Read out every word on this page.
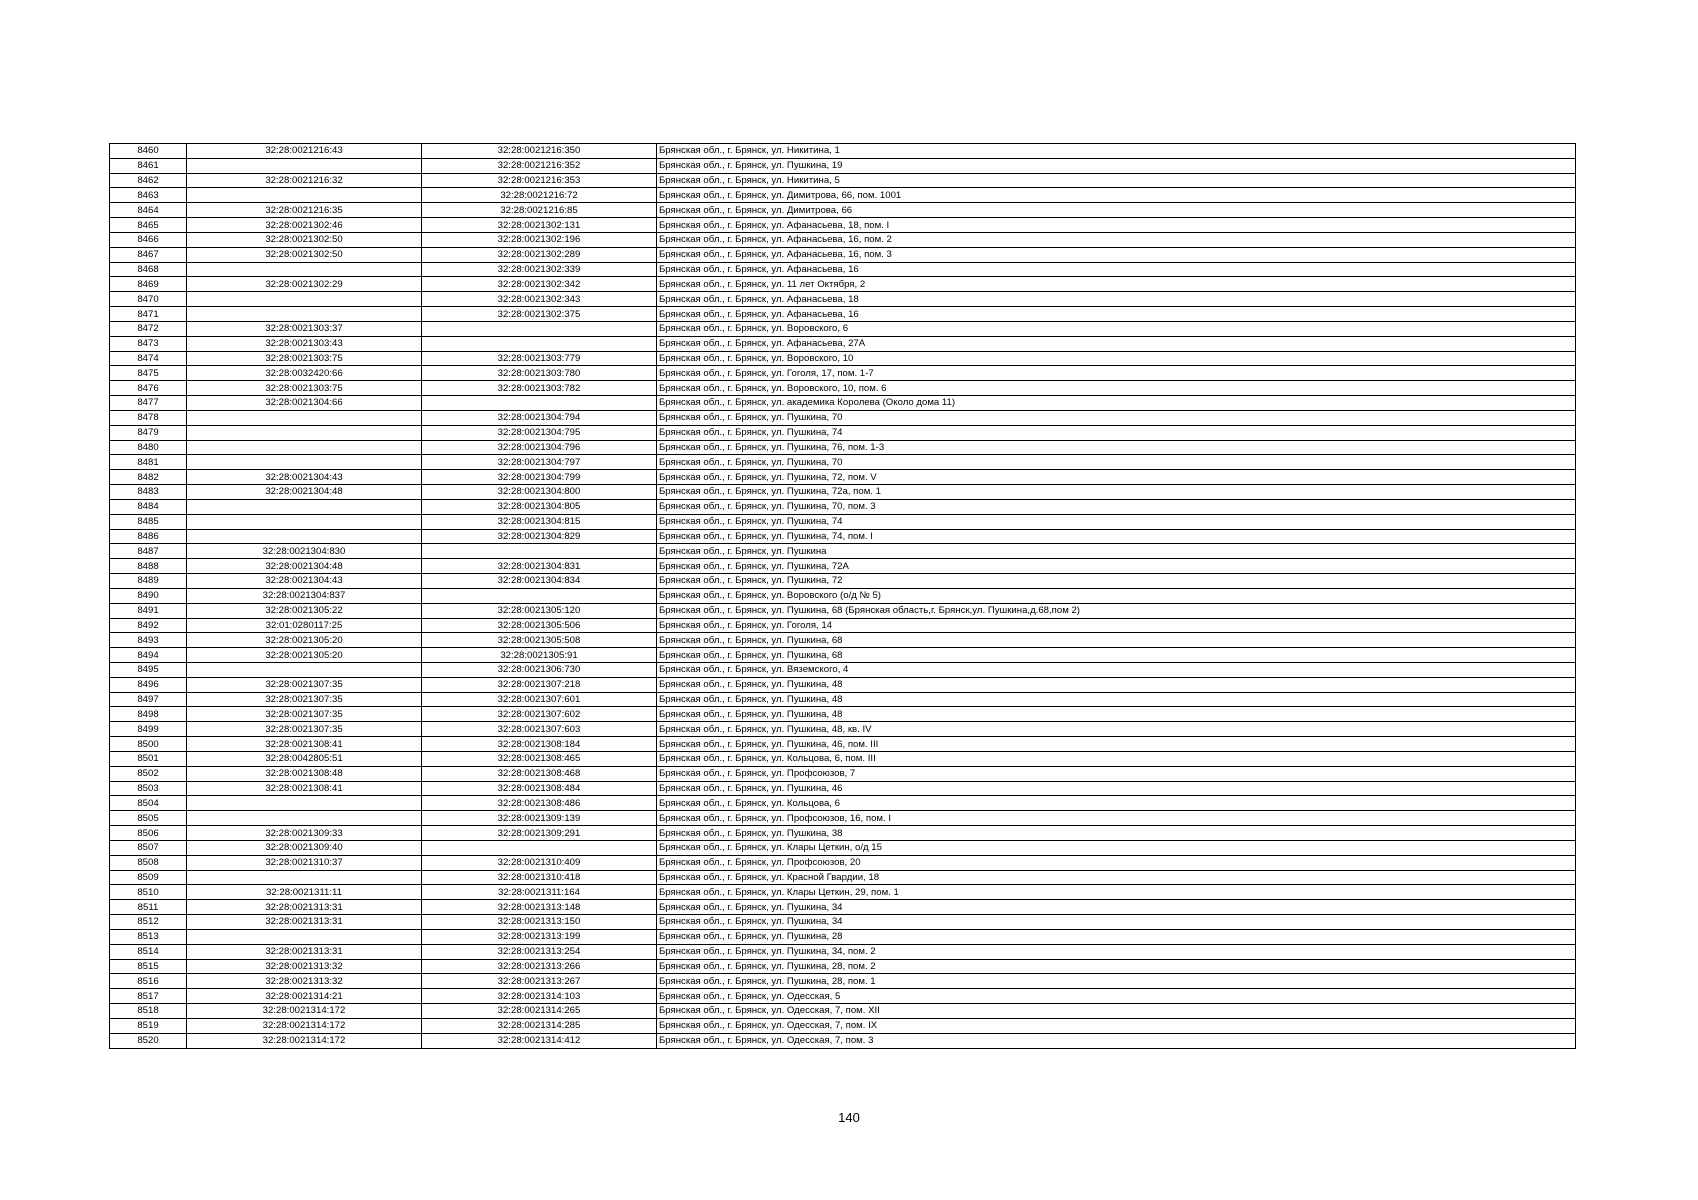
8460	32:28:0021216:43	32:28:0021216:350	Брянская обл., г. Брянск, ул. Никитина, 1
8461		32:28:0021216:352	Брянская обл., г. Брянск, ул. Пушкина, 19
8462	32:28:0021216:32	32:28:0021216:353	Брянская обл., г. Брянск, ул. Никитина, 5
8463		32:28:0021216:72	Брянская обл., г. Брянск, ул. Димитрова, 66, пом. 1001
8464	32:28:0021216:35	32:28:0021216:85	Брянская обл., г. Брянск, ул. Димитрова, 66
8465	32:28:0021302:46	32:28:0021302:131	Брянская обл., г. Брянск, ул. Афанасьева, 18, пом. I
8466	32:28:0021302:50	32:28:0021302:196	Брянская обл., г. Брянск, ул. Афанасьева, 16, пом. 2
8467	32:28:0021302:50	32:28:0021302:289	Брянская обл., г. Брянск, ул. Афанасьева, 16, пом. 3
8468		32:28:0021302:339	Брянская обл., г. Брянск, ул. Афанасьева, 16
8469	32:28:0021302:29	32:28:0021302:342	Брянская обл., г. Брянск, ул. 11 лет Октября, 2
8470		32:28:0021302:343	Брянская обл., г. Брянск, ул. Афанасьева, 18
8471		32:28:0021302:375	Брянская обл., г. Брянск, ул. Афанасьева, 16
8472	32:28:0021303:37		Брянская обл., г. Брянск, ул. Воровского, 6
8473	32:28:0021303:43		Брянская обл., г. Брянск, ул. Афанасьева, 27А
8474	32:28:0021303:75	32:28:0021303:779	Брянская обл., г. Брянск, ул. Воровского, 10
8475	32:28:0032420:66	32:28:0021303:780	Брянская обл., г. Брянск, ул. Гоголя, 17, пом. 1-7
8476	32:28:0021303:75	32:28:0021303:782	Брянская обл., г. Брянск, ул. Воровского, 10, пом. 6
8477	32:28:0021304:66		Брянская обл., г. Брянск, ул. академика Королева (Около дома 11)
8478		32:28:0021304:794	Брянская обл., г. Брянск, ул. Пушкина, 70
8479		32:28:0021304:795	Брянская обл., г. Брянск, ул. Пушкина, 74
8480		32:28:0021304:796	Брянская обл., г. Брянск, ул. Пушкина, 76, пом. 1-3
8481		32:28:0021304:797	Брянская обл., г. Брянск, ул. Пушкина, 70
8482	32:28:0021304:43	32:28:0021304:799	Брянская обл., г. Брянск, ул. Пушкина, 72, пом. V
8483	32:28:0021304:48	32:28:0021304:800	Брянская обл., г. Брянск, ул. Пушкина, 72а, пом. 1
8484		32:28:0021304:805	Брянская обл., г. Брянск, ул. Пушкина, 70, пом. 3
8485		32:28:0021304:815	Брянская обл., г. Брянск, ул. Пушкина, 74
8486		32:28:0021304:829	Брянская обл., г. Брянск, ул. Пушкина, 74, пом. I
8487	32:28:0021304:830		Брянская обл., г. Брянск, ул. Пушкина
8488	32:28:0021304:48	32:28:0021304:831	Брянская обл., г. Брянск, ул. Пушкина, 72А
8489	32:28:0021304:43	32:28:0021304:834	Брянская обл., г. Брянск, ул. Пушкина, 72
8490	32:28:0021304:837		Брянская обл., г. Брянск, ул. Воровского (о/д № 5)
8491	32:28:0021305:22	32:28:0021305:120	Брянская обл., г. Брянск, ул. Пушкина, 68 (Брянская область,г. Брянск,ул. Пушкина,д.68,пом 2)
8492	32:01:0280117:25	32:28:0021305:506	Брянская обл., г. Брянск, ул. Гоголя, 14
8493	32:28:0021305:20	32:28:0021305:508	Брянская обл., г. Брянск, ул. Пушкина, 68
8494	32:28:0021305:20	32:28:0021305:91	Брянская обл., г. Брянск, ул. Пушкина, 68
8495		32:28:0021306:730	Брянская обл., г. Брянск, ул. Вяземского, 4
8496	32:28:0021307:35	32:28:0021307:218	Брянская обл., г. Брянск, ул. Пушкина, 48
8497	32:28:0021307:35	32:28:0021307:601	Брянская обл., г. Брянск, ул. Пушкина, 48
8498	32:28:0021307:35	32:28:0021307:602	Брянская обл., г. Брянск, ул. Пушкина, 48
8499	32:28:0021307:35	32:28:0021307:603	Брянская обл., г. Брянск, ул. Пушкина, 48, кв. IV
8500	32:28:0021308:41	32:28:0021308:184	Брянская обл., г. Брянск, ул. Пушкина, 46, пом. III
8501	32:28:0042805:51	32:28:0021308:465	Брянская обл., г. Брянск, ул. Кольцова, 6, пом. III
8502	32:28:0021308:48	32:28:0021308:468	Брянская обл., г. Брянск, ул. Профсоюзов, 7
8503	32:28:0021308:41	32:28:0021308:484	Брянская обл., г. Брянск, ул. Пушкина, 46
8504		32:28:0021308:486	Брянская обл., г. Брянск, ул. Кольцова, 6
8505		32:28:0021309:139	Брянская обл., г. Брянск, ул. Профсоюзов, 16, пом. I
8506	32:28:0021309:33	32:28:0021309:291	Брянская обл., г. Брянск, ул. Пушкина, 38
8507	32:28:0021309:40		Брянская обл., г. Брянск, ул. Клары Цеткин, о/д 15
8508	32:28:0021310:37	32:28:0021310:409	Брянская обл., г. Брянск, ул. Профсоюзов, 20
8509		32:28:0021310:418	Брянская обл., г. Брянск, ул. Красной Гвардии, 18
8510	32:28:0021311:11	32:28:0021311:164	Брянская обл., г. Брянск, ул. Клары Цеткин, 29, пом. 1
8511	32:28:0021313:31	32:28:0021313:148	Брянская обл., г. Брянск, ул. Пушкина, 34
8512	32:28:0021313:31	32:28:0021313:150	Брянская обл., г. Брянск, ул. Пушкина, 34
8513		32:28:0021313:199	Брянская обл., г. Брянск, ул. Пушкина, 28
8514	32:28:0021313:31	32:28:0021313:254	Брянская обл., г. Брянск, ул. Пушкина, 34, пом. 2
8515	32:28:0021313:32	32:28:0021313:266	Брянская обл., г. Брянск, ул. Пушкина, 28, пом. 2
8516	32:28:0021313:32	32:28:0021313:267	Брянская обл., г. Брянск, ул. Пушкина, 28, пом. 1
8517	32:28:0021314:21	32:28:0021314:103	Брянская обл., г. Брянск, ул. Одесская, 5
8518	32:28:0021314:172	32:28:0021314:265	Брянская обл., г. Брянск, ул. Одесская, 7, пом. XII
8519	32:28:0021314:172	32:28:0021314:285	Брянская обл., г. Брянск, ул. Одесская, 7, пом. IX
8520	32:28:0021314:172	32:28:0021314:412	Брянская обл., г. Брянск, ул. Одесская, 7, пом. 3
140
